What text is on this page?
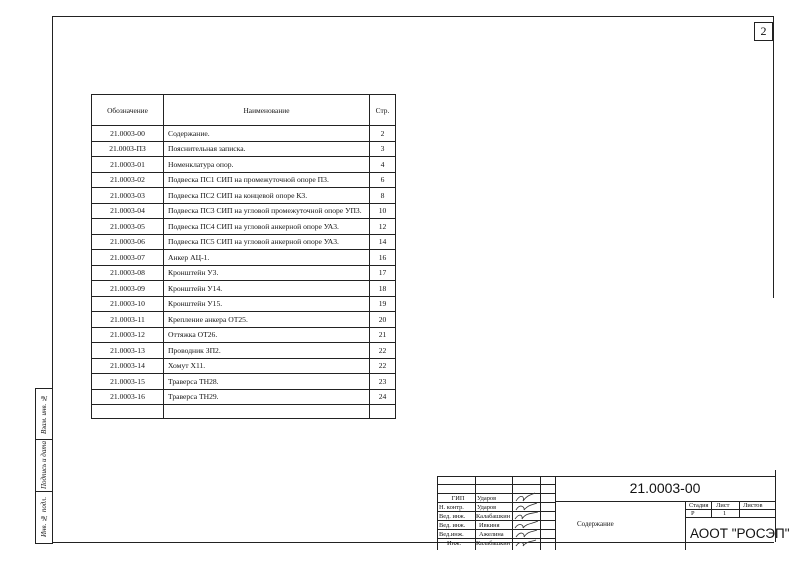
2
Взам. инв. №
Подпись и дата
Инв. № подл.
Обозначение	Наименование	Стр.
21.0003-00	Содержание.	2
21.0003-ПЗ	Пояснительная записка.	3
21.0003-01	Номенклатура опор.	4
21.0003-02	Подвеска ПС1 СИП на промежуточной опоре П3.	6
21.0003-03	Подвеска ПС2 СИП на концевой опоре К3.	8
21.0003-04	Подвеска ПС3 СИП на угловой промежуточной опоре УП3.	10
21.0003-05	Подвеска ПС4 СИП на угловой анкерной опоре УА3.	12
21.0003-06	Подвеска ПС5 СИП на угловой анкерной опоре УА3.	14
21.0003-07	Анкер АЦ-1.	16
21.0003-08	Кронштейн У3.	17
21.0003-09	Кронштейн У14.	18
21.0003-10	Кронштейн У15.	19
21.0003-11	Крепление анкера ОТ25.	20
21.0003-12	Оттяжка ОТ26.	21
21.0003-13	Проводник ЗП2.	22
21.0003-14	Хомут Х11.	22
21.0003-15	Траверса ТН28.	23
21.0003-16	Траверса ТН29.	24

ГИП	Ударов
Н. контр. Ударов
Вед. инж. Калабашкин
Вед. инж. Ивкиня
Вед.инж. Ажелина
Инж. Калабашкин
21.0003-00
Содержание
Стадия Лист Листов
Р	1
АООТ "РОСЭП"
